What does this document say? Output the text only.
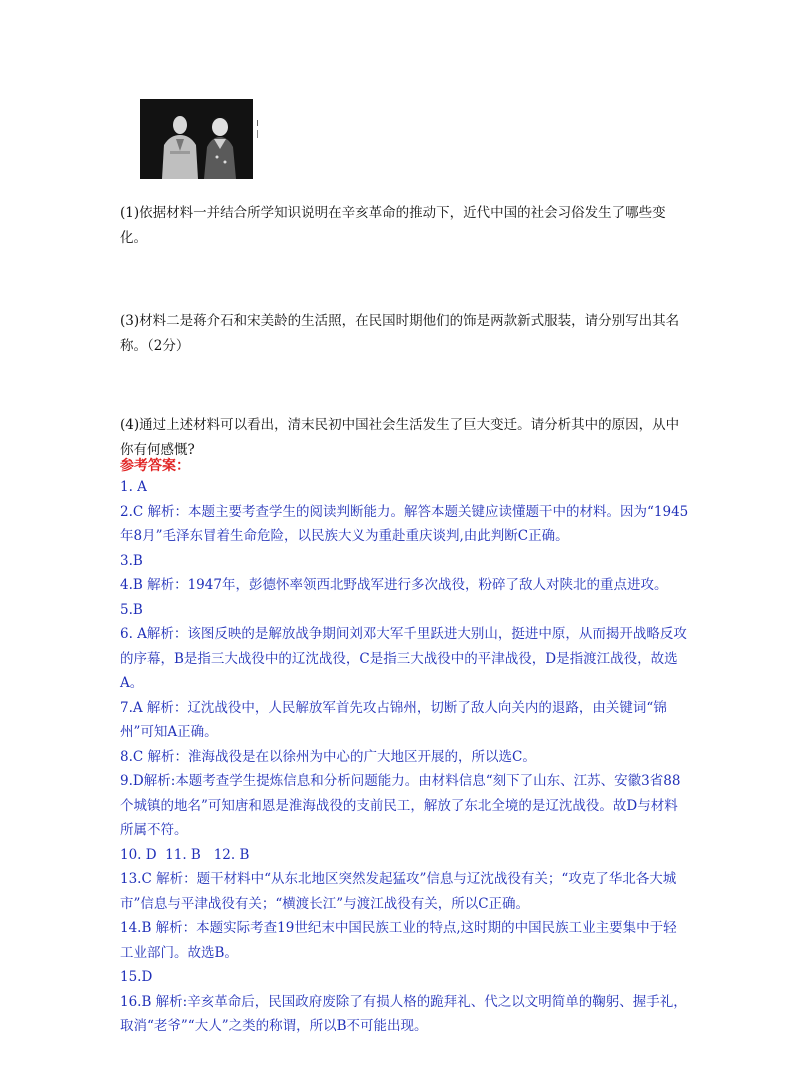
(1)依据材料一并结合所学知识说明在辛亥革命的推动下，近代中国的社会习俗发生了哪些变化。
(3)材料二是蒋介石和宋美龄的生活照，在民国时期他们的饰是两款新式服装，请分别写出其名称。（2分）
(4)通过上述材料可以看出，清末民初中国社会生活发生了巨大变迁。请分析其中的原因，从中你有何感慨?
参考答案：
1. A
2.C 解析：本题主要考查学生的阅读判断能力。解答本题关键应读懂题干中的材料。因为“1945年8月”毛泽东冒着生命危险，以民族大义为重赴重庆谈判,由此判断C正确。
3.B
4.B 解析：1947年，彭德怀率领西北野战军进行多次战役，粉碎了敌人对陕北的重点进攻。
5.B
6. A解析：该图反映的是解放战争期间刘邓大军千里跃进大别山，挺进中原，从而揭开战略反攻的序幕，B是指三大战役中的辽沈战役，C是指三大战役中的平津战役，D是指渡江战役，故选A。
7.A 解析：辽沈战役中，人民解放军首先攻占锦州，切断了敌人向关内的退路，由关键词“锦州”可知A正确。
8.C 解析：淮海战役是在以徐州为中心的广大地区开展的，所以选C。
9.D解析:本题考查学生提炼信息和分析问题能力。由材料信息“刻下了山东、江苏、安徽3省88个城镇的地名”可知唐和恩是淮海战役的支前民工，解放了东北全境的是辽沈战役。故D与材料所属不符。
10. D  11. B   12. B
13.C 解析：题干材料中“从东北地区突然发起猛攻”信息与辽沈战役有关；“攻克了华北各大城市”信息与平津战役有关；“横渡长江”与渡江战役有关，所以C正确。
14.B 解析：本题实际考查19世纪末中国民族工业的特点,这时期的中国民族工业主要集中于轻工业部门。故选B。
15.D
16.B 解析:辛亥革命后，民国政府废除了有损人格的跪拜礼、代之以文明简单的鞠躬、握手礼，取消“老爷”“大人”之类的称谓，所以B不可能出现。
